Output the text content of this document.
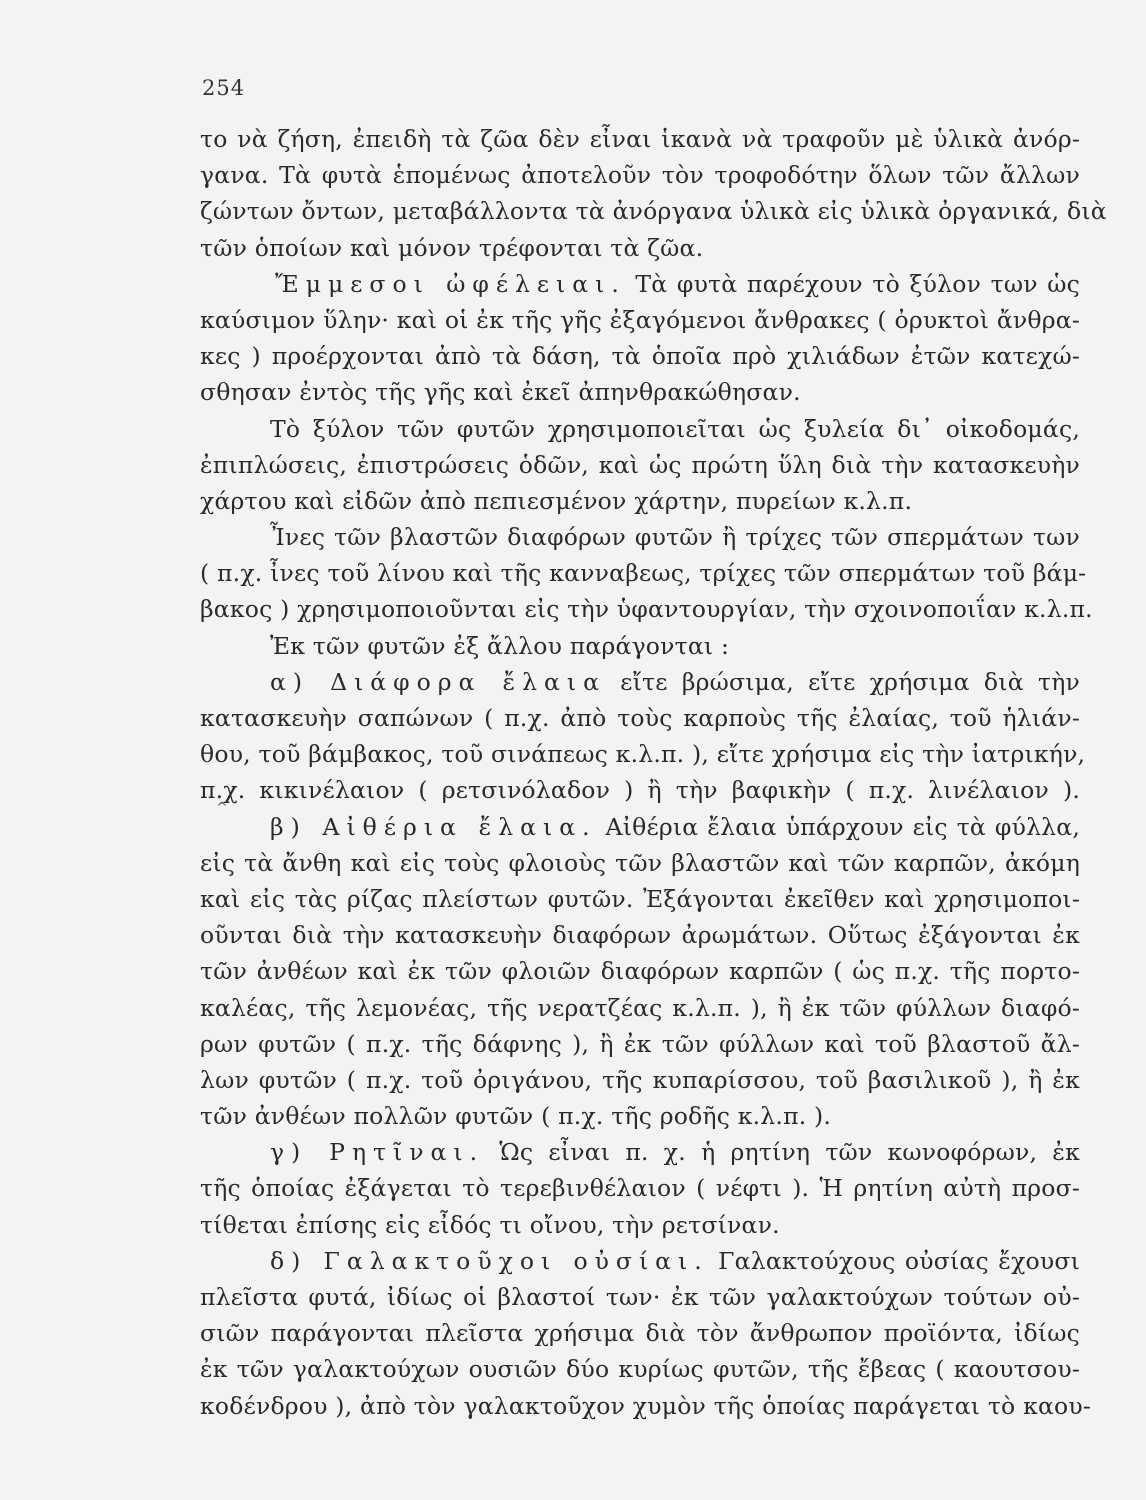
254
^
το νὰ ζήση, ἐπειδὴ τὰ ζῶα δὲν εἶναι ἱκανὰ νὰ τραφοῦν μὲ ὑλικὰ ἀνόρ-
γανα. Τὰ φυτὰ ἑπομένως ἀποτελοῦν τὸν τροφοδότην ὅλων τῶν ἄλλων
ζώντων ὄντων, μεταβάλλοντα τὰ ἀνόργανα ὑλικὰ εἰς ὑλικὰ ὀργανικά, διὰ
τῶν ὁποίων καὶ μόνον τρέφονται τὰ ζῶα.
Ἔμμεσοι ὠφέλειαι. Τὰ φυτὰ παρέχουν τὸ ξύλον των ὡς
καύσιμον ὕλην· καὶ οἱ ἐκ τῆς γῆς ἐξαγόμενοι ἄνθρακες ( ὀρυκτοὶ ἄνθρα-
κες ) προέρχονται ἀπὸ τὰ δάση, τὰ ὁποῖα πρὸ χιλιάδων ἐτῶν κατεχώ-
σθησαν ἐντὸς τῆς γῆς καὶ ἐκεῖ ἀπηνθρακώθησαν.
Τὸ ξύλον τῶν φυτῶν χρησιμοποιεῖται ὡς ξυλεία δι᾿ οἰκοδομάς,
ἐπιπλώσεις, ἐπιστρώσεις ὁδῶν, καὶ ὡς πρώτη ὕλη διὰ τὴν κατασκευὴν
χάρτου καὶ εἰδῶν ἀπὸ πεπιεσμένον χάρτην, πυρείων κ.λ.π.
Ἶνες τῶν βλαστῶν διαφόρων φυτῶν ἢ τρίχες τῶν σπερμάτων των
( π.χ. ἶνες τοῦ λίνου καὶ τῆς κανναβεως, τρίχες τῶν σπερμάτων τοῦ βάμ-
βακος ) χρησιμοποιοῦνται εἰς τὴν ὑφαντουργίαν, τὴν σχοινοποιΐαν κ.λ.π.
Ἐκ τῶν φυτῶν ἐξ ἄλλου παράγονται :
α) Διάφορα ἔλαια εἴτε βρώσιμα, εἴτε χρήσιμα διὰ τὴν
κατασκευὴν σαπώνων ( π.χ. ἀπὸ τοὺς καρποὺς τῆς ἐλαίας, τοῦ ἡλιάν-
θου, τοῦ βάμβακος, τοῦ σινάπεως κ.λ.π. ), εἴτε χρήσιμα εἰς τὴν ἰατρικήν,
π.χ. κικινέλαιον ( ρετσινόλαδον ) ἢ τὴν βαφικὴν ( π.χ. λινέλαιον ).
β) Αἰθέρια ἔλαια. Αἰθέρια ἔλαια ὑπάρχουν εἰς τὰ φύλλα,
εἰς τὰ ἄνθη καὶ εἰς τοὺς φλοιοὺς τῶν βλαστῶν καὶ τῶν καρπῶν, ἀκόμη
καὶ εἰς τὰς ρίζας πλείστων φυτῶν. Ἐξάγονται ἐκεῖθεν καὶ χρησιμοποι-
οῦνται διὰ τὴν κατασκευὴν διαφόρων ἀρωμάτων. Οὕτως ἐξάγονται ἐκ
τῶν ἀνθέων καὶ ἐκ τῶν φλοιῶν διαφόρων καρπῶν ( ὡς π.χ. τῆς πορτο-
καλέας, τῆς λεμονέας, τῆς νερατζέας κ.λ.π. ), ἢ ἐκ τῶν φύλλων διαφό-
ρων φυτῶν ( π.χ. τῆς δάφνης ), ἢ ἐκ τῶν φύλλων καὶ τοῦ βλαστοῦ ἄλ-
λων φυτῶν ( π.χ. τοῦ ὀριγάνου, τῆς κυπαρίσσου, τοῦ βασιλικοῦ ), ἢ ἐκ
τῶν ἀνθέων πολλῶν φυτῶν ( π.χ. τῆς ροδῆς κ.λ.π. ).
γ) Ρητῖναι. Ὡς εἶναι π. χ. ἡ ρητίνη τῶν κωνοφόρων, ἐκ
τῆς ὁποίας ἐξάγεται τὸ τερεβινθέλαιον ( νέφτι ). Ἡ ρητίνη αὐτὴ προσ-
τίθεται ἐπίσης εἰς εἶδός τι οἴνου, τὴν ρετσίναν.
δ) Γαλακτοῦχοι οὐσίαι. Γαλακτούχους οὐσίας ἔχουσι
πλεῖστα φυτά, ἰδίως οἱ βλαστοί των· ἐκ τῶν γαλακτούχων τούτων οὐ-
σιῶν παράγονται πλεῖστα χρήσιμα διὰ τὸν ἄνθρωπον προϊόντα, ἰδίως
ἐκ τῶν γαλακτούχων ουσιῶν δύο κυρίως φυτῶν, τῆς ἔβεας ( καουτσου-
κοδένδρου ), ἀπὸ τὸν γαλακτοῦχον χυμὸν τῆς ὁποίας παράγεται τὸ καου-
